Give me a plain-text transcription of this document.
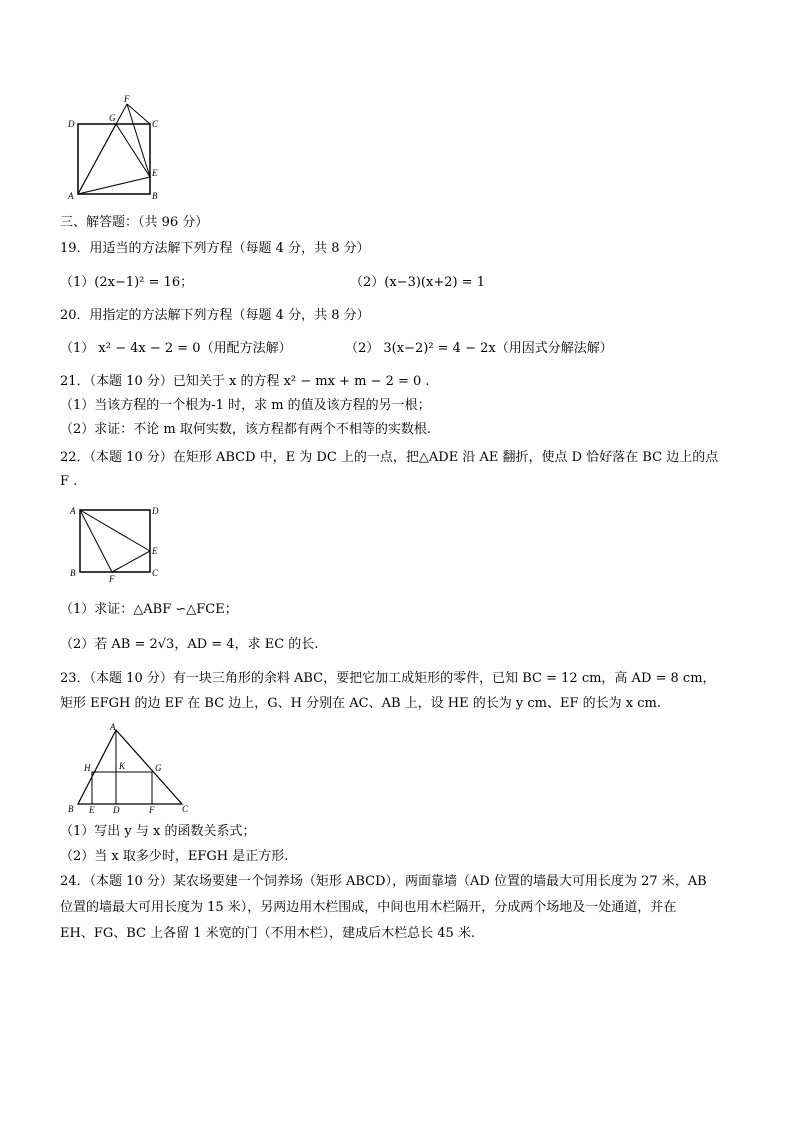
F
G
D	C
E
A	B
三、解答题：（共 96 分）
19．用适当的方法解下列方程（每题 4 分，共 8 分）
（1）(2x−1)² = 16；	（2）(x−3)(x+2) = 1
20．用指定的方法解下列方程（每题 4 分，共 8 分）
（1） x² − 4x − 2 = 0（用配方法解）	（2） 3(x−2)² = 4 − 2x（用因式分解法解）
21．（本题 10 分）已知关于 x 的方程 x² − mx + m − 2 = 0 .
（1）当该方程的一个根为-1 时，求 m 的值及该方程的另一根；
（2）求证：不论 m 取何实数，该方程都有两个不相等的实数根.
22．（本题 10 分）在矩形 ABCD 中，E 为 DC 上的一点，把△ADE 沿 AE 翻折，使点 D 恰好落在 BC 边上的点
F .
A	D
E
B
F
C
（1）求证：△ABF ∽△FCE；
（2）若 AB = 2√3，AD = 4，求 EC 的长.
23．（本题 10 分）有一块三角形的余料 ABC，要把它加工成矩形的零件，已知 BC = 12 cm，高 AD = 8 cm，
矩形 EFGH 的边 EF 在 BC 边上，G、H 分别在 AC、AB 上，设 HE 的长为 y cm、EF 的长为 x cm.
A
H	K	G
B E D	F	C
（1）写出 y 与 x 的函数关系式；
（2）当 x 取多少时，EFGH 是正方形.
24．（本题 10 分）某农场要建一个饲养场（矩形 ABCD），两面靠墙（AD 位置的墙最大可用长度为 27 米，AB
位置的墙最大可用长度为 15 米），另两边用木栏围成，中间也用木栏隔开，分成两个场地及一处通道，并在
EH、FG、BC 上各留 1 米宽的门（不用木栏），建成后木栏总长 45 米.
